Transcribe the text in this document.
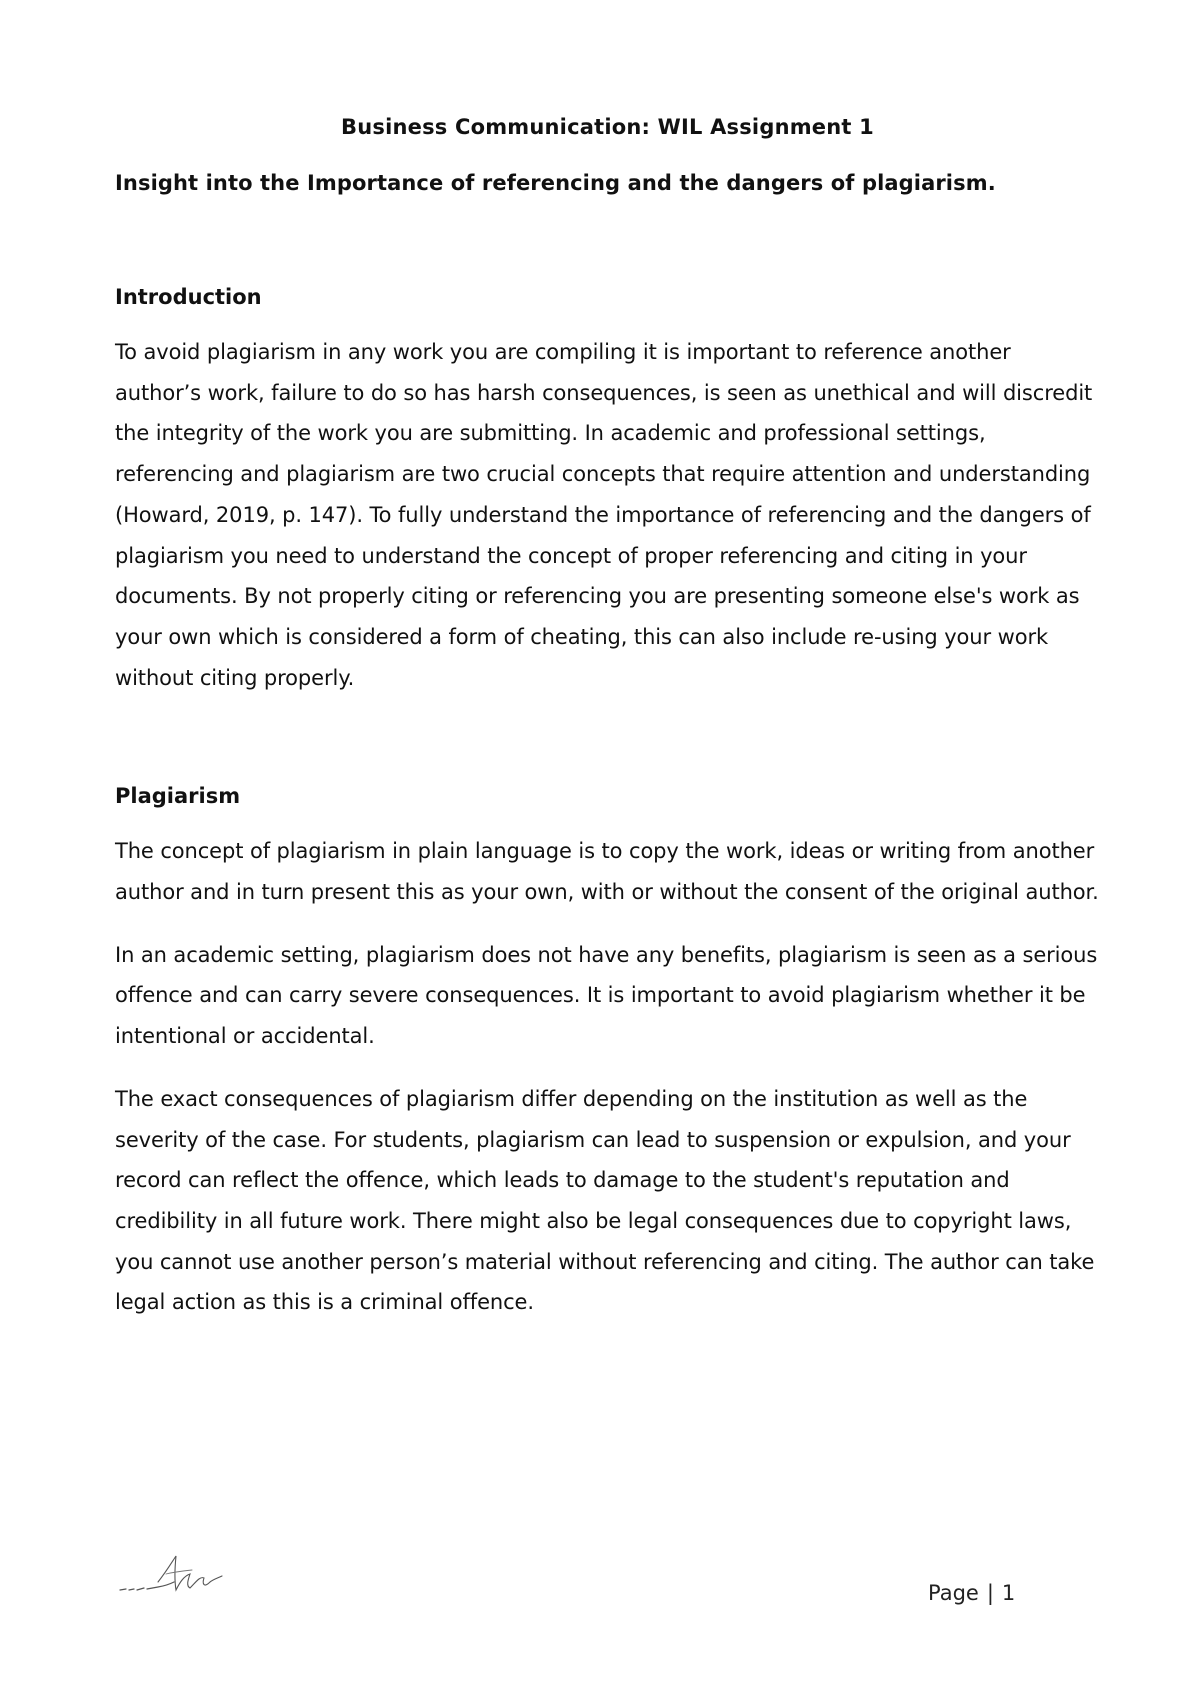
Business Communication: WIL Assignment 1

Insight into the Importance of referencing and the dangers of plagiarism.

Introduction

To avoid plagiarism in any work you are compiling it is important to reference another author’s work, failure to do so has harsh consequences, is seen as unethical and will discredit the integrity of the work you are submitting. In academic and professional settings, referencing and plagiarism are two crucial concepts that require attention and understanding (Howard, 2019, p. 147). To fully understand the importance of referencing and the dangers of plagiarism you need to understand the concept of proper referencing and citing in your documents. By not properly citing or referencing you are presenting someone else's work as your own which is considered a form of cheating, this can also include re-using your work without citing properly.

Plagiarism

The concept of plagiarism in plain language is to copy the work, ideas or writing from another author and in turn present this as your own, with or without the consent of the original author.

In an academic setting, plagiarism does not have any benefits, plagiarism is seen as a serious offence and can carry severe consequences. It is important to avoid plagiarism whether it be intentional or accidental.

The exact consequences of plagiarism differ depending on the institution as well as the severity of the case. For students, plagiarism can lead to suspension or expulsion, and your record can reflect the offence, which leads to damage to the student's reputation and credibility in all future work. There might also be legal consequences due to copyright laws, you cannot use another person’s material without referencing and citing. The author can take legal action as this is a criminal offence.

Page | 1
